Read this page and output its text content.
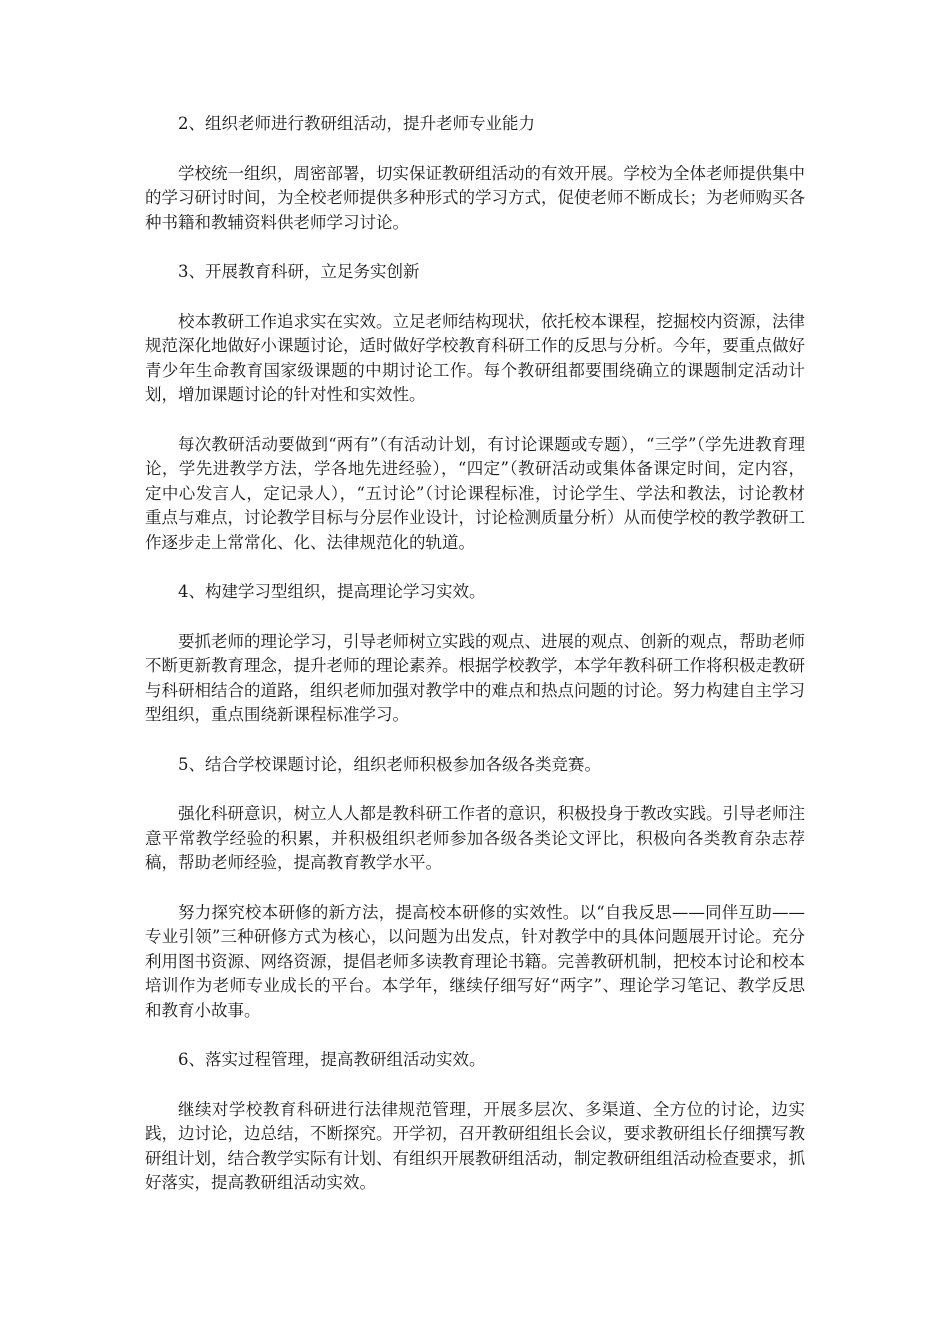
2、组织老师进行教研组活动，提升老师专业能力

学校统一组织，周密部署，切实保证教研组活动的有效开展。学校为全体老师提供集中的学习研讨时间，为全校老师提供多种形式的学习方式，促使老师不断成长；为老师购买各种书籍和教辅资料供老师学习讨论。

3、开展教育科研，立足务实创新

校本教研工作追求实在实效。立足老师结构现状，依托校本课程，挖掘校内资源，法律规范深化地做好小课题讨论，适时做好学校教育科研工作的反思与分析。今年，要重点做好青少年生命教育国家级课题的中期讨论工作。每个教研组都要围绕确立的课题制定活动计划，增加课题讨论的针对性和实效性。

每次教研活动要做到“两有”（有活动计划，有讨论课题或专题），“三学”（学先进教育理论，学先进教学方法，学各地先进经验），“四定”（教研活动或集体备课定时间，定内容，定中心发言人，定记录人），“五讨论”（讨论课程标准，讨论学生、学法和教法，讨论教材重点与难点，讨论教学目标与分层作业设计，讨论检测质量分析）从而使学校的教学教研工作逐步走上常常化、化、法律规范化的轨道。

4、构建学习型组织，提高理论学习实效。

要抓老师的理论学习，引导老师树立实践的观点、进展的观点、创新的观点，帮助老师不断更新教育理念，提升老师的理论素养。根据学校教学，本学年教科研工作将积极走教研与科研相结合的道路，组织老师加强对教学中的难点和热点问题的讨论。努力构建自主学习型组织，重点围绕新课程标准学习。

5、结合学校课题讨论，组织老师积极参加各级各类竞赛。

强化科研意识，树立人人都是教科研工作者的意识，积极投身于教改实践。引导老师注意平常教学经验的积累，并积极组织老师参加各级各类论文评比，积极向各类教育杂志荐稿，帮助老师经验，提高教育教学水平。

努力探究校本研修的新方法，提高校本研修的实效性。以“自我反思——同伴互助——专业引领”三种研修方式为核心，以问题为出发点，针对教学中的具体问题展开讨论。充分利用图书资源、网络资源，提倡老师多读教育理论书籍。完善教研机制，把校本讨论和校本培训作为老师专业成长的平台。本学年，继续仔细写好“两字”、理论学习笔记、教学反思和教育小故事。

6、落实过程管理，提高教研组活动实效。

继续对学校教育科研进行法律规范管理，开展多层次、多渠道、全方位的讨论，边实践，边讨论，边总结，不断探究。开学初，召开教研组组长会议，要求教研组长仔细撰写教研组计划，结合教学实际有计划、有组织开展教研组活动，制定教研组组活动检查要求，抓好落实，提高教研组活动实效。
